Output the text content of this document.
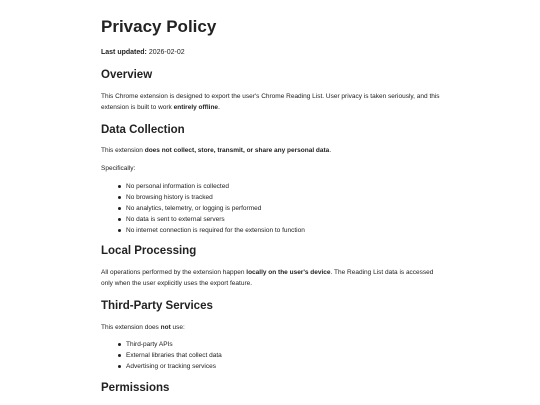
Privacy Policy
Last updated: 2026-02-02
Overview

This Chrome extension is designed to export the user's Chrome Reading List. User privacy is taken seriously, and this extension is built to work entirely offline.

Data Collection

This extension does not collect, store, transmit, or share any personal data.

Specifically:

No personal information is collected
No browsing history is tracked
No analytics, telemetry, or logging is performed
No data is sent to external servers
No internet connection is required for the extension to function
Local Processing

All operations performed by the extension happen locally on the user's device. The Reading List data is accessed only when the user explicitly uses the export feature.

Third-Party Services

This extension does not use:

Third-party APIs
External libraries that collect data
Advertising or tracking services
Permissions
